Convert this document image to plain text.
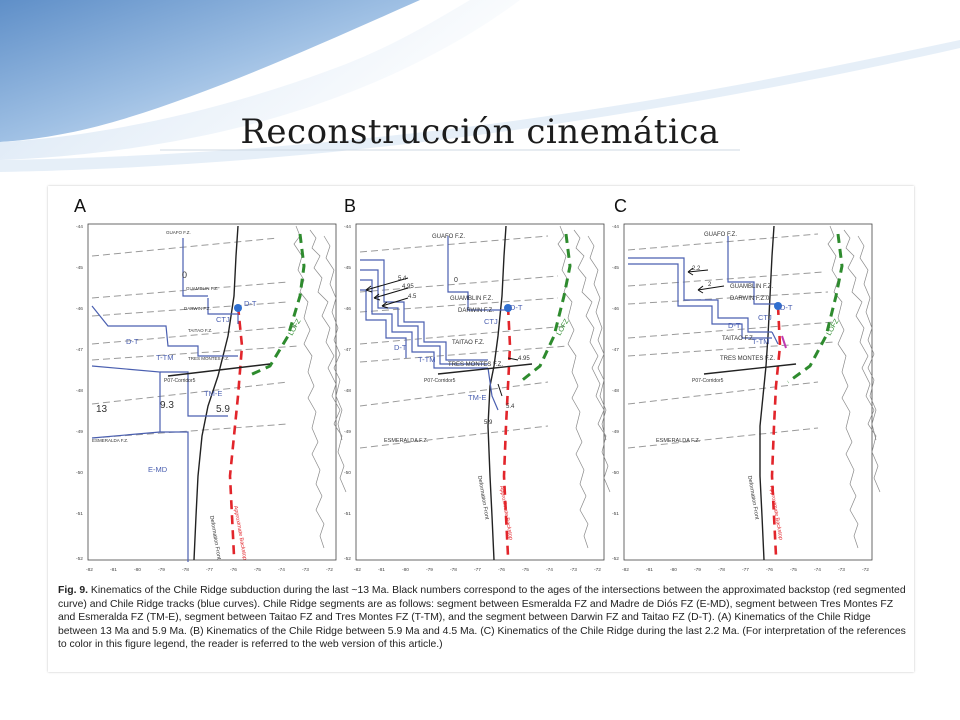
Reconstrucción cinemática
A
GUAFO F.Z.
0
GUAMBLIN F.Z.
DARWIN F.Z.
D-T
D-T
CTJ
TAITAO F.Z.
T-TM	TRES MONTES F.Z.
P07-Corridor5
TM-E
13	9.3	5.9
ESMERALDA F.Z.
E-MD
Deformation Front Approximate Backstop
LOFZ
-44
-45
-46
-47
-48
-49
-50
-51
-52
-82	-81	-80	-79	-78	-77	-76	-75	-74	-73	-72
B
GUAFO F.Z.
5.4
4.95
4.5
0
GUAMBLIN F.Z.
DARWIN F.Z.
CTJ
D-T
D-T	TAITAO F.Z.
T-TM
TRES MONTES F.Z.
4.95
P07-Corridor5
TM-E
5.4
5.9
ESMERALDA F.Z.
Deformation Front Approximate Backstop
LOFZ
-44
-45
-46
-47
-48
-49
-50
-51
-52
-82	-81	-80	-79	-78	-77	-76	-75	-74	-73	-72
C
GUAFO F.Z.
2.2
2	GUAMBLIN F.Z.
DARWIN F.Z. 0
D-T
D-T
CTJ
TAITAO F.Z.
T-TM
TRES MONTES F.Z.
P07-Corridor5
ESMERALDA F.Z.
Deformation Front Approximate Backstop
LOFZ
-44
-45
-46
-47
-48
-49
-50
-51
-52
-82	-81	-80	-79	-78	-77	-76	-75	-74	-73	-72
Fig. 9. Kinematics of the Chile Ridge subduction during the last ~13 Ma. Black numbers correspond to the ages of the intersections between the approximated backstop (red segmented curve) and Chile Ridge tracks (blue curves). Chile Ridge segments are as follows: segment between Esmeralda FZ and Madre de Diós FZ (E-MD), segment between Tres Montes FZ and Esmeralda FZ (TM-E), segment between Taitao FZ and Tres Montes FZ (T-TM), and the segment between Darwin FZ and Taitao FZ (D-T). (A) Kinematics of the Chile Ridge between 13 Ma and 5.9 Ma. (B) Kinematics of the Chile Ridge between 5.9 Ma and 4.5 Ma. (C) Kinematics of the Chile Ridge during the last 2.2 Ma. (For interpretation of the references to color in this figure legend, the reader is referred to the web version of this article.)
